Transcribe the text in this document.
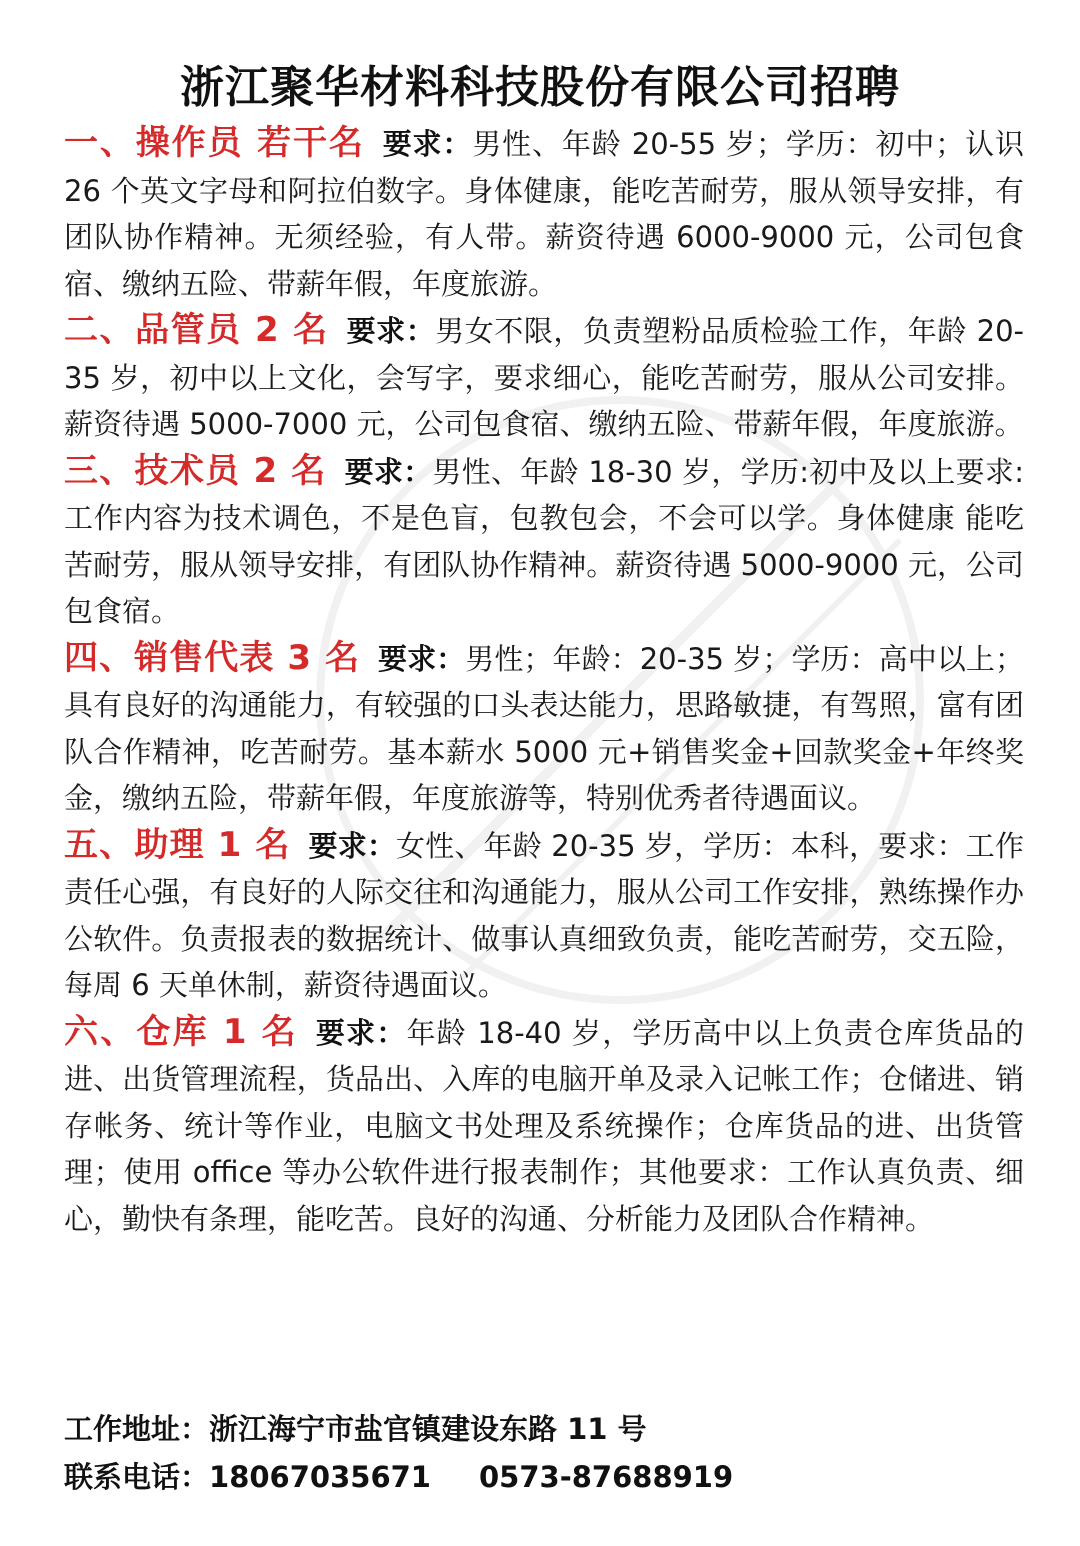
浙江聚华材料科技股份有限公司招聘

一、操作员 若干名 要求：男性、年龄 20-55 岁；学历：初中；认识 26 个英文字母和阿拉伯数字。身体健康，能吃苦耐劳，服从领导安排，有团队协作精神。无须经验，有人带。薪资待遇 6000-9000 元，公司包食宿、缴纳五险、带薪年假，年度旅游。

二、品管员 2 名 要求：男女不限，负责塑粉品质检验工作，年龄 20-35 岁，初中以上文化，会写字，要求细心，能吃苦耐劳，服从公司安排。薪资待遇 5000-7000 元，公司包食宿、缴纳五险、带薪年假，年度旅游。

三、技术员 2 名 要求：男性、年龄 18-30 岁，学历:初中及以上要求:工作内容为技术调色，不是色盲，包教包会，不会可以学。身体健康 能吃苦耐劳，服从领导安排，有团队协作精神。薪资待遇 5000-9000 元，公司包食宿。

四、销售代表 3 名 要求：男性；年龄：20-35 岁；学历：高中以上；具有良好的沟通能力，有较强的口头表达能力，思路敏捷，有驾照，富有团队合作精神，吃苦耐劳。基本薪水 5000 元+销售奖金+回款奖金+年终奖金，缴纳五险，带薪年假，年度旅游等，特别优秀者待遇面议。

五、助理 1 名 要求：女性、年龄 20-35 岁，学历：本科，要求：工作责任心强，有良好的人际交往和沟通能力，服从公司工作安排，熟练操作办公软件。负责报表的数据统计、做事认真细致负责，能吃苦耐劳，交五险，每周 6 天单休制，薪资待遇面议。

六、仓库 1 名 要求：年龄 18-40 岁，学历高中以上负责仓库货品的进、出货管理流程，货品出、入库的电脑开单及录入记帐工作；仓储进、销存帐务、统计等作业，电脑文书处理及系统操作；仓库货品的进、出货管理；使用 office 等办公软件进行报表制作；其他要求：工作认真负责、细心，勤快有条理，能吃苦。良好的沟通、分析能力及团队合作精神。

工作地址：浙江海宁市盐官镇建设东路 11 号
联系电话：18067035671 0573-87688919
